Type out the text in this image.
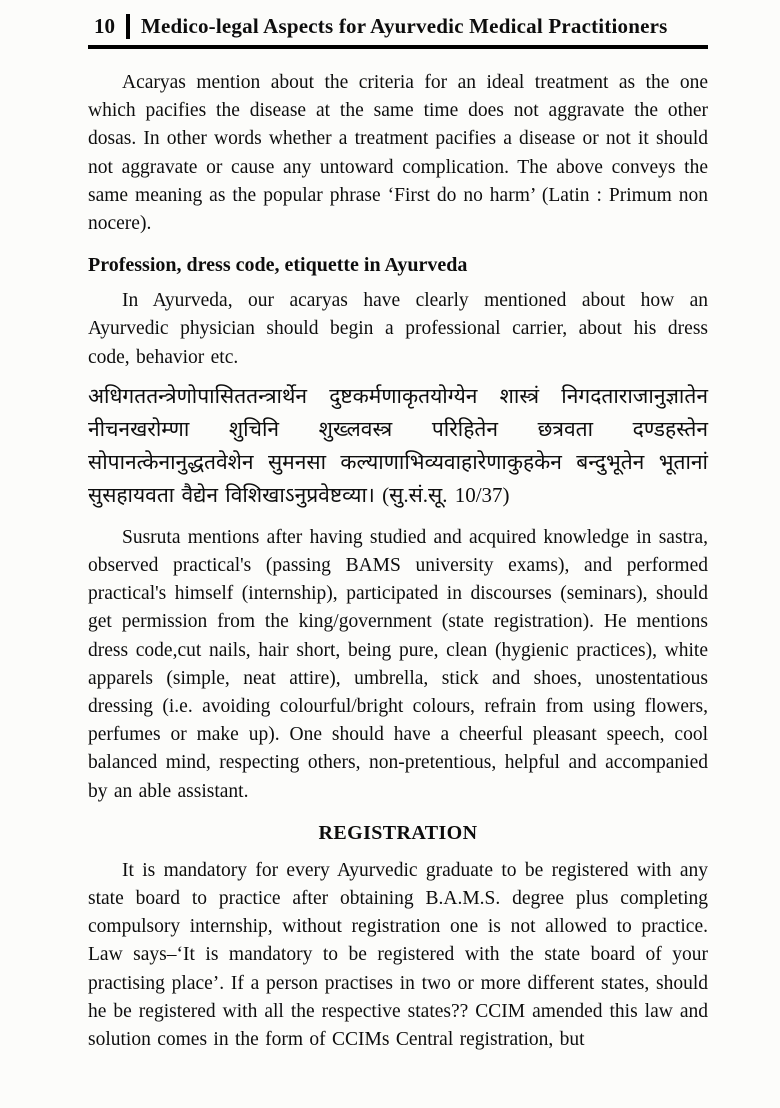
10 Medico-legal Aspects for Ayurvedic Medical Practitioners

Acaryas mention about the criteria for an ideal treatment as the one which pacifies the disease at the same time does not aggravate the other dosas. In other words whether a treatment pacifies a disease or not it should not aggravate or cause any untoward complication. The above conveys the same meaning as the popular phrase ‘First do no harm’ (Latin : Primum non nocere).

Profession, dress code, etiquette in Ayurveda

In Ayurveda, our acaryas have clearly mentioned about how an Ayurvedic physician should begin a professional carrier, about his dress code, behavior etc.

अधिगततन्त्रेणोपासिततन्त्रार्थेन दुष्टकर्मणाकृतयोग्येन शास्त्रं निगदताराजानुज्ञातेन नीचनखरोम्णा शुचिनि शुख्लवस्त्र परिहितेन छत्रवता दण्डहस्तेन सोपानत्केनानुद्धतवेशेन सुमनसा कल्याणाभिव्यवाहारेणाकुहकेन बन्दुभूतेन भूतानां सुसहायवता वैद्येन विशिखाऽनुप्रवेष्टव्या। (सु.सं.सू. 10/37)

Susruta mentions after having studied and acquired knowledge in sastra, observed practical's (passing BAMS university exams), and performed practical's himself (internship), participated in discourses (seminars), should get permission from the king/government (state registration). He mentions dress code,cut nails, hair short, being pure, clean (hygienic practices), white apparels (simple, neat attire), umbrella, stick and shoes, unostentatious dressing (i.e. avoiding colourful/bright colours, refrain from using flowers, perfumes or make up). One should have a cheerful pleasant speech, cool balanced mind, respecting others, non-pretentious, helpful and accompanied by an able assistant.

REGISTRATION

It is mandatory for every Ayurvedic graduate to be registered with any state board to practice after obtaining B.A.M.S. degree plus completing compulsory internship, without registration one is not allowed to practice. Law says–‘It is mandatory to be registered with the state board of your practising place’. If a person practises in two or more different states, should he be registered with all the respective states?? CCIM amended this law and solution comes in the form of CCIMs Central registration, but
